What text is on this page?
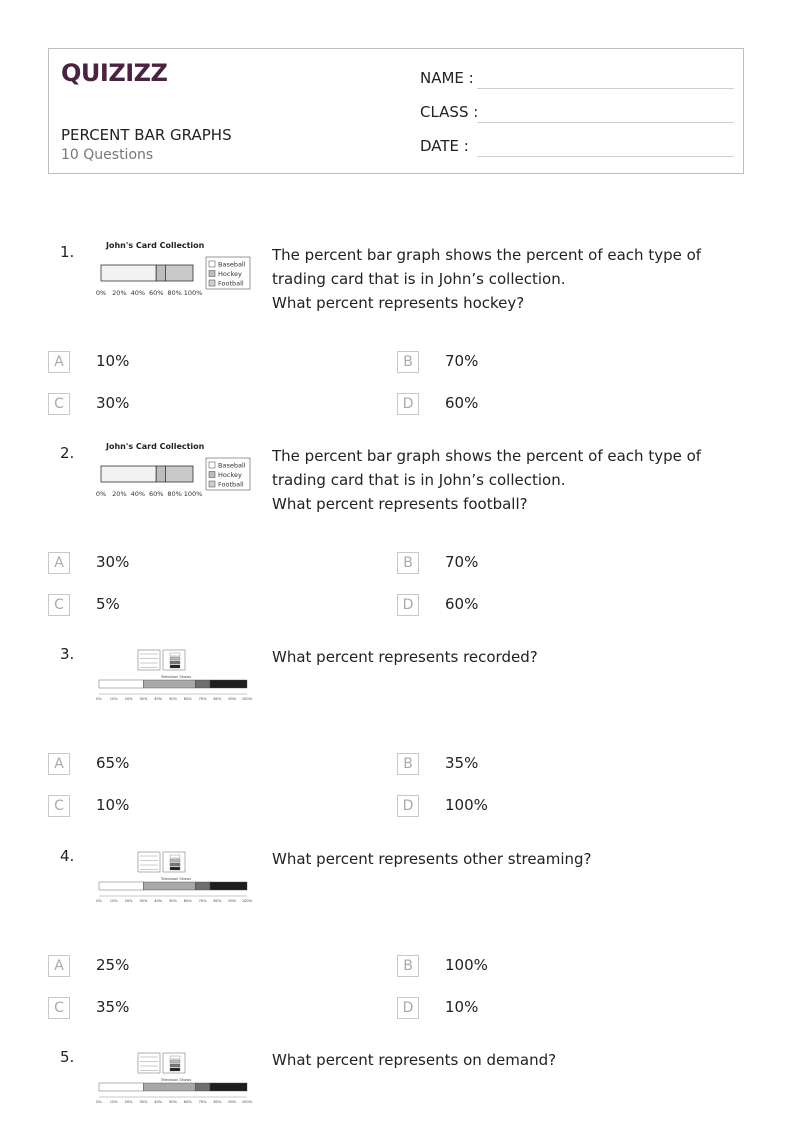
QUIZIZZ
PERCENT BAR GRAPHS
10 Questions
NAME :
CLASS :
DATE :
1.	John's Card Collection
0% 20% 40% 60% 80% 100%
Baseball
Hockey
Football
The percent bar graph shows the percent of each type of
trading card that is in John’s collection.
What percent represents hockey?
A	10%	B	70%
C	30%	D	60%
2.	John's Card Collection
0% 20% 40% 60% 80% 100%
Baseball
Hockey
Football
The percent bar graph shows the percent of each type of
trading card that is in John’s collection.
What percent represents football?
A	30%	B	70%
C	5%	D	60%
3.
Television Shows
0% 10% 20% 30% 40% 50% 60% 70% 80% 90% 100%
What percent represents recorded?
A	65%	B	35%
C	10%	D	100%
4.
Television Shows
0% 10% 20% 30% 40% 50% 60% 70% 80% 90% 100%
What percent represents other streaming?
A	25%	B	100%
C	35%	D	10%
5.
Television Shows
0% 10% 20% 30% 40% 50% 60% 70% 80% 90% 100%
What percent represents on demand?
